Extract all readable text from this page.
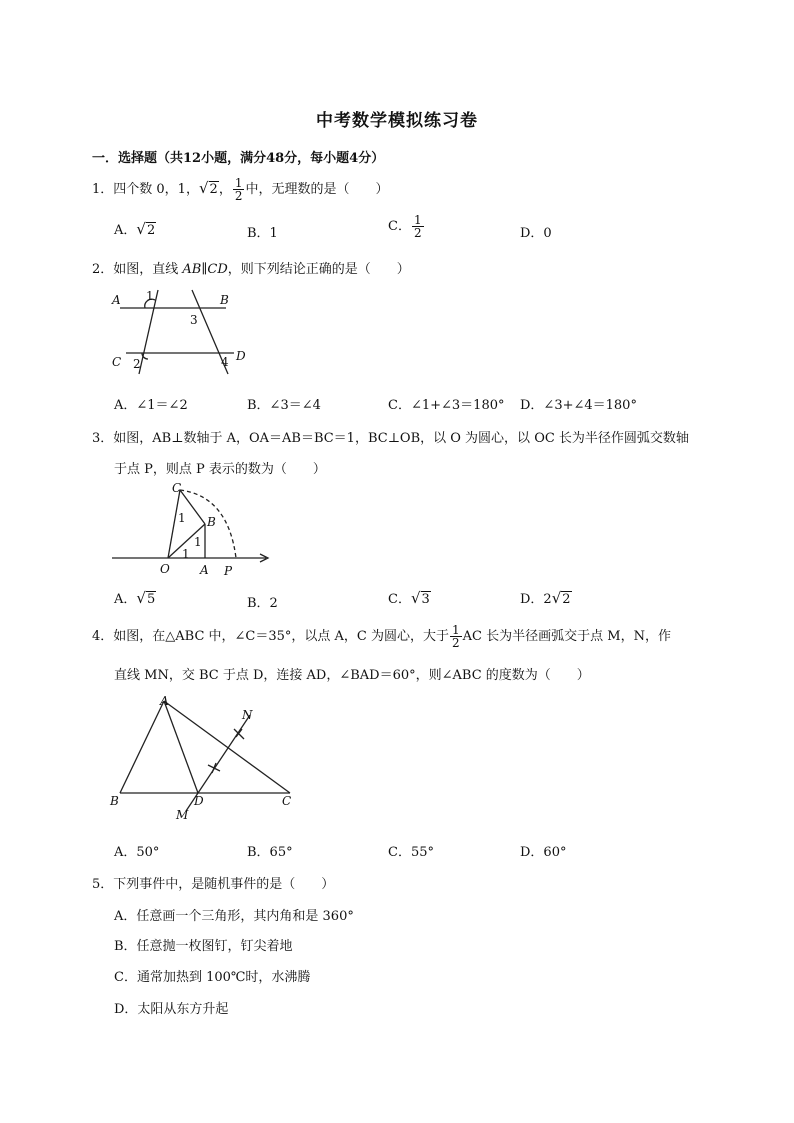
中考数学模拟练习卷
一．选择题（共12小题，满分48分，每小题4分）
1．四个数 0，1，√2， $\frac{1}{2}$ 中，无理数的是（　　）
A．√2	B．1	C． $\frac{1}{2}$	D．0
2．如图，直线 AB∥CD，则下列结论正确的是（　　）
A	B
C	D
1
2
3
4
A．∠1＝∠2	B．∠3＝∠4	C．∠1+∠3＝180° D．∠3+∠4＝180°
3．如图，AB⊥数轴于 A，OA＝AB＝BC＝1，BC⊥OB，以 O 为圆心，以 OC 长为半径作圆弧交数轴
于点 P，则点 P 表示的数为（　　）
C
B
O	A P
1
1
1
A．√5	B．2	C．√3	D．2√2
4．如图，在△ABC 中，∠C＝35°，以点 A，C 为圆心，大于 $\frac{1}{2}$ AC 长为半径画弧交于点 M，N，作
直线 MN，交 BC 于点 D，连接 AD，∠BAD＝60°，则∠ABC 的度数为（　　）
A
B	C
D
M
N
A．50°	B．65°	C．55°	D．60°
5．下列事件中，是随机事件的是（　　）
A．任意画一个三角形，其内角和是 360°
B．任意抛一枚图钉，钉尖着地
C．通常加热到 100℃时，水沸腾
D．太阳从东方升起
